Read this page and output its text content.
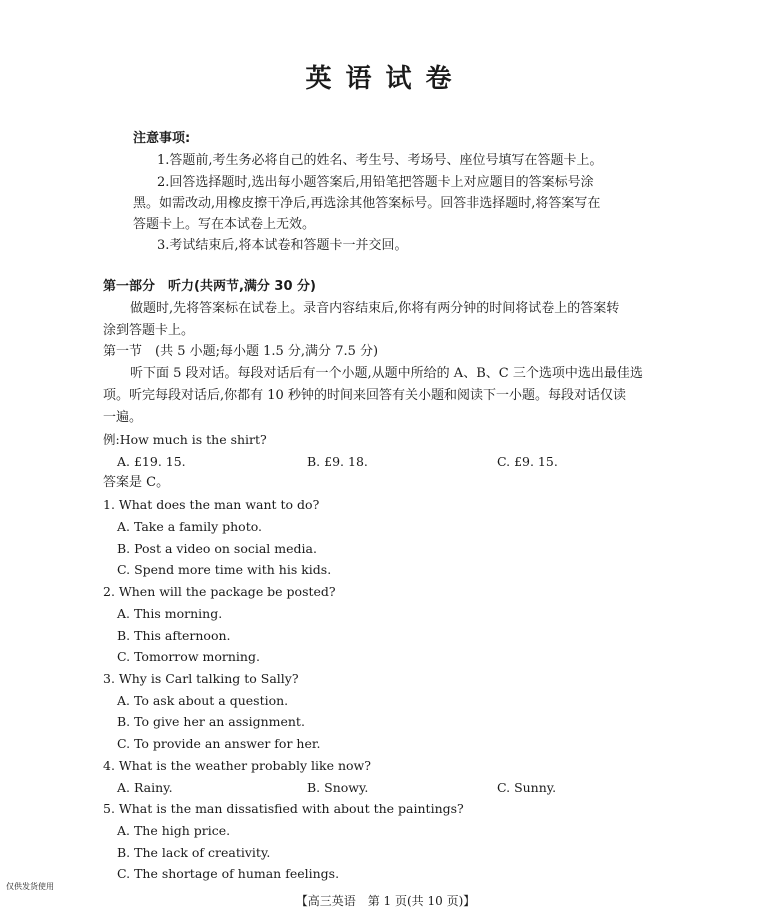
英语试卷
注意事项:
1.答题前,考生务必将自己的姓名、考生号、考场号、座位号填写在答题卡上。
2.回答选择题时,选出每小题答案后,用铅笔把答题卡上对应题目的答案标号涂
黑。如需改动,用橡皮擦干净后,再选涂其他答案标号。回答非选择题时,将答案写在
答题卡上。写在本试卷上无效。
3.考试结束后,将本试卷和答题卡一并交回。
第一部分　听力(共两节,满分 30 分)
做题时,先将答案标在试卷上。录音内容结束后,你将有两分钟的时间将试卷上的答案转
涂到答题卡上。
第一节　(共 5 小题;每小题 1.5 分,满分 7.5 分)
听下面 5 段对话。每段对话后有一个小题,从题中所给的 A、B、C 三个选项中选出最佳选
项。听完每段对话后,你都有 10 秒钟的时间来回答有关小题和阅读下一小题。每段对话仅读
一遍。
例:How much is the shirt?
A. £19. 15.	B. £9. 18.	C. £9. 15.
答案是 C。
1. What does the man want to do?
A. Take a family photo.
B. Post a video on social media.
C. Spend more time with his kids.
2. When will the package be posted?
A. This morning.
B. This afternoon.
C. Tomorrow morning.
3. Why is Carl talking to Sally?
A. To ask about a question.
B. To give her an assignment.
C. To provide an answer for her.
4. What is the weather probably like now?
A. Rainy.	B. Snowy.	C. Sunny.
5. What is the man dissatisfied with about the paintings?
A. The high price.
B. The lack of creativity.
C. The shortage of human feelings.
仅供发货使用
【高三英语　第 1 页(共 10 页)】
